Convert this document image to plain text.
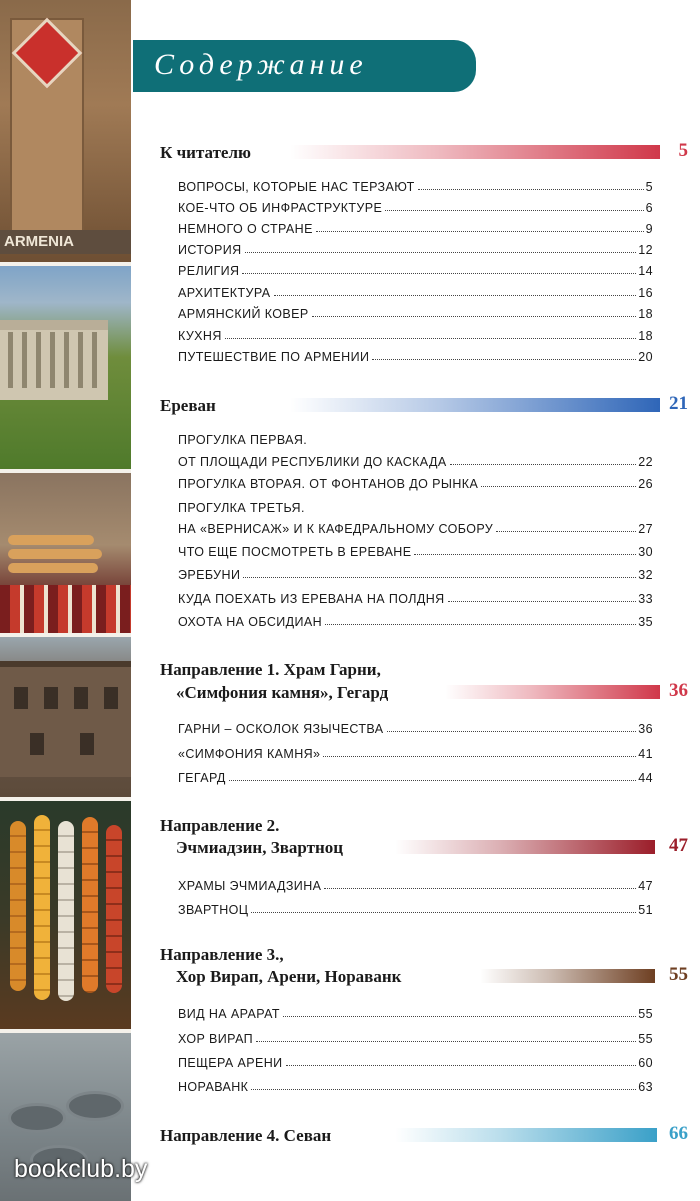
ARMENIA
bookclub.by
Содержание
К читателю	5
ВОПРОСЫ, КОТОРЫЕ НАС ТЕРЗАЮТ	5
КОЕ-ЧТО ОБ ИНФРАСТРУКТУРЕ	6
НЕМНОГО О СТРАНЕ	9
ИСТОРИЯ	12
РЕЛИГИЯ	14
АРХИТЕКТУРА	16
АРМЯНСКИЙ КОВЕР	18
КУХНЯ	18
ПУТЕШЕСТВИЕ ПО АРМЕНИИ	20
Ереван	21
ПРОГУЛКА ПЕРВАЯ.
ОТ ПЛОЩАДИ РЕСПУБЛИКИ ДО КАСКАДА	22
ПРОГУЛКА ВТОРАЯ. ОТ ФОНТАНОВ ДО РЫНКА	26
ПРОГУЛКА ТРЕТЬЯ.
НА «ВЕРНИСАЖ» И К КАФЕДРАЛЬНОМУ СОБОРУ	27
ЧТО ЕЩЕ ПОСМОТРЕТЬ В ЕРЕВАНЕ	30
ЭРЕБУНИ	32
КУДА ПОЕХАТЬ ИЗ ЕРЕВАНА НА ПОЛДНЯ	33
ОХОТА НА ОБСИДИАН	35
Направление 1. Храм Гарни,
«Симфония камня», Гегард	36
ГАРНИ – ОСКОЛОК ЯЗЫЧЕСТВА	36
«СИМФОНИЯ КАМНЯ»	41
ГЕГАРД	44
Направление 2.
Эчмиадзин, Звартноц	47
ХРАМЫ ЭЧМИАДЗИНА	47
ЗВАРТНОЦ	51
Направление 3.,
Хор Вирап, Арени, Нораванк	55
ВИД НА АРАРАТ	55
ХОР ВИРАП	55
ПЕЩЕРА АРЕНИ	60
НОРАВАНК	63
Направление 4. Севан	66
